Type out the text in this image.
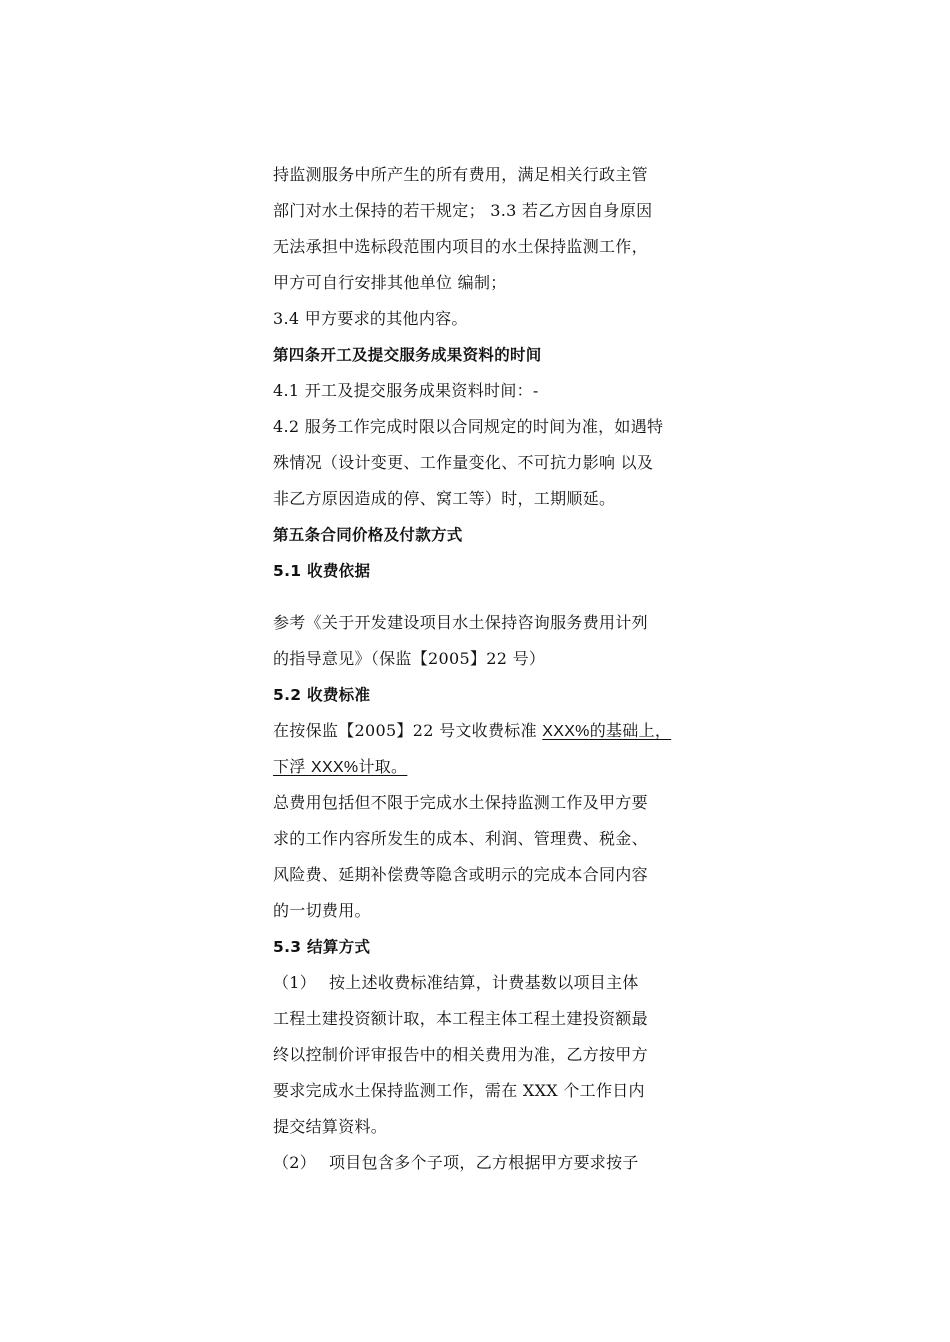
持监测服务中所产生的所有费用，满足相关行政主管
部门对水土保持的若干规定； 3.3 若乙方因自身原因
无法承担中选标段范围内项目的水土保持监测工作，
甲方可自行安排其他单位 编制；
3.4 甲方要求的其他内容。
第四条开工及提交服务成果资料的时间
4.1 开工及提交服务成果资料时间：-
4.2 服务工作完成时限以合同规定的时间为准，如遇特
殊情况（设计变更、工作量变化、不可抗力影响 以及
非乙方原因造成的停、窝工等）时，工期顺延。
第五条合同价格及付款方式
5.1 收费依据
参考《关于开发建设项目水土保持咨询服务费用计列
的指导意见》（保监【2005】22 号）
5.2 收费标准
在按保监【2005】22 号文收费标准 XXX%的基础上，
下浮 XXX%计取。
总费用包括但不限于完成水土保持监测工作及甲方要
求的工作内容所发生的成本、利润、管理费、税金、
风险费、延期补偿费等隐含或明示的完成本合同内容
的一切费用。
5.3 结算方式
（1） 按上述收费标准结算，计费基数以项目主体
工程土建投资额计取，本工程主体工程土建投资额最
终以控制价评审报告中的相关费用为准，乙方按甲方
要求完成水土保持监测工作，需在 XXX 个工作日内
提交结算资料。
（2） 项目包含多个子项，乙方根据甲方要求按子
